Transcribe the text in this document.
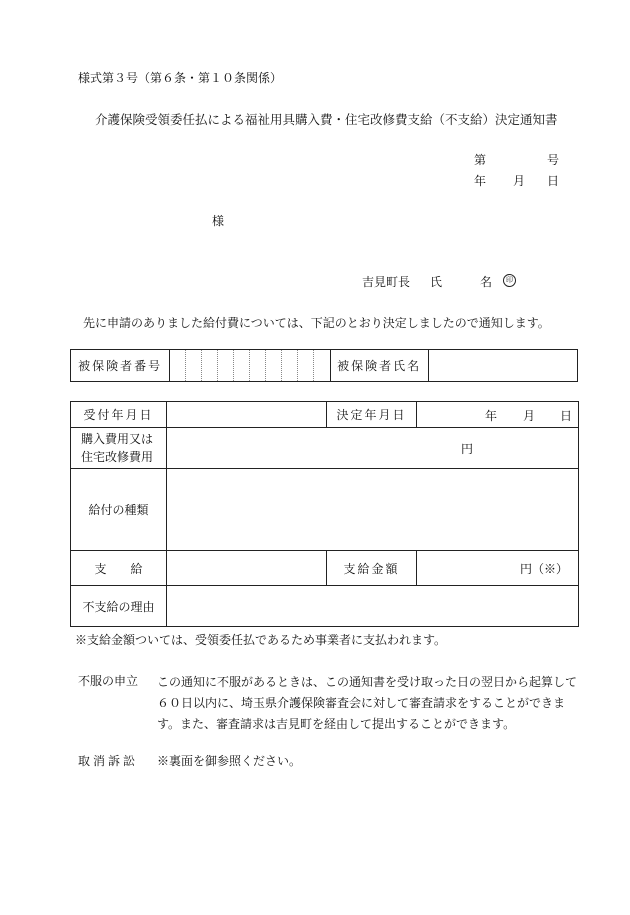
様式第３号（第６条・第１０条関係）
介護保険受領委任払による福祉用具購入費・住宅改修費支給（不支給）決定通知書
第	号
年 月 日
様
吉見町長 氏	名	印
先に申請のありました給付費については、下記のとおり決定しましたので通知します。
被保険者番号											被保険者氏名	
受付年月日		決定年月日	年 月 日

購入費用又は
住宅改修費用	円		

給付の種類			
支　　給		支給金額	円（※）
不支給の理由			
※支給金額ついては、受領委任払であるため事業者に支払われます。
不服の申立 この通知に不服があるときは、この通知書を受け取った日の翌日から起算して６０日以内に、埼玉県介護保険審査会に対して審査請求をすることができます。また、審査請求は吉見町を経由して提出することができます。
取消訴訟 ※裏面を御参照ください。
